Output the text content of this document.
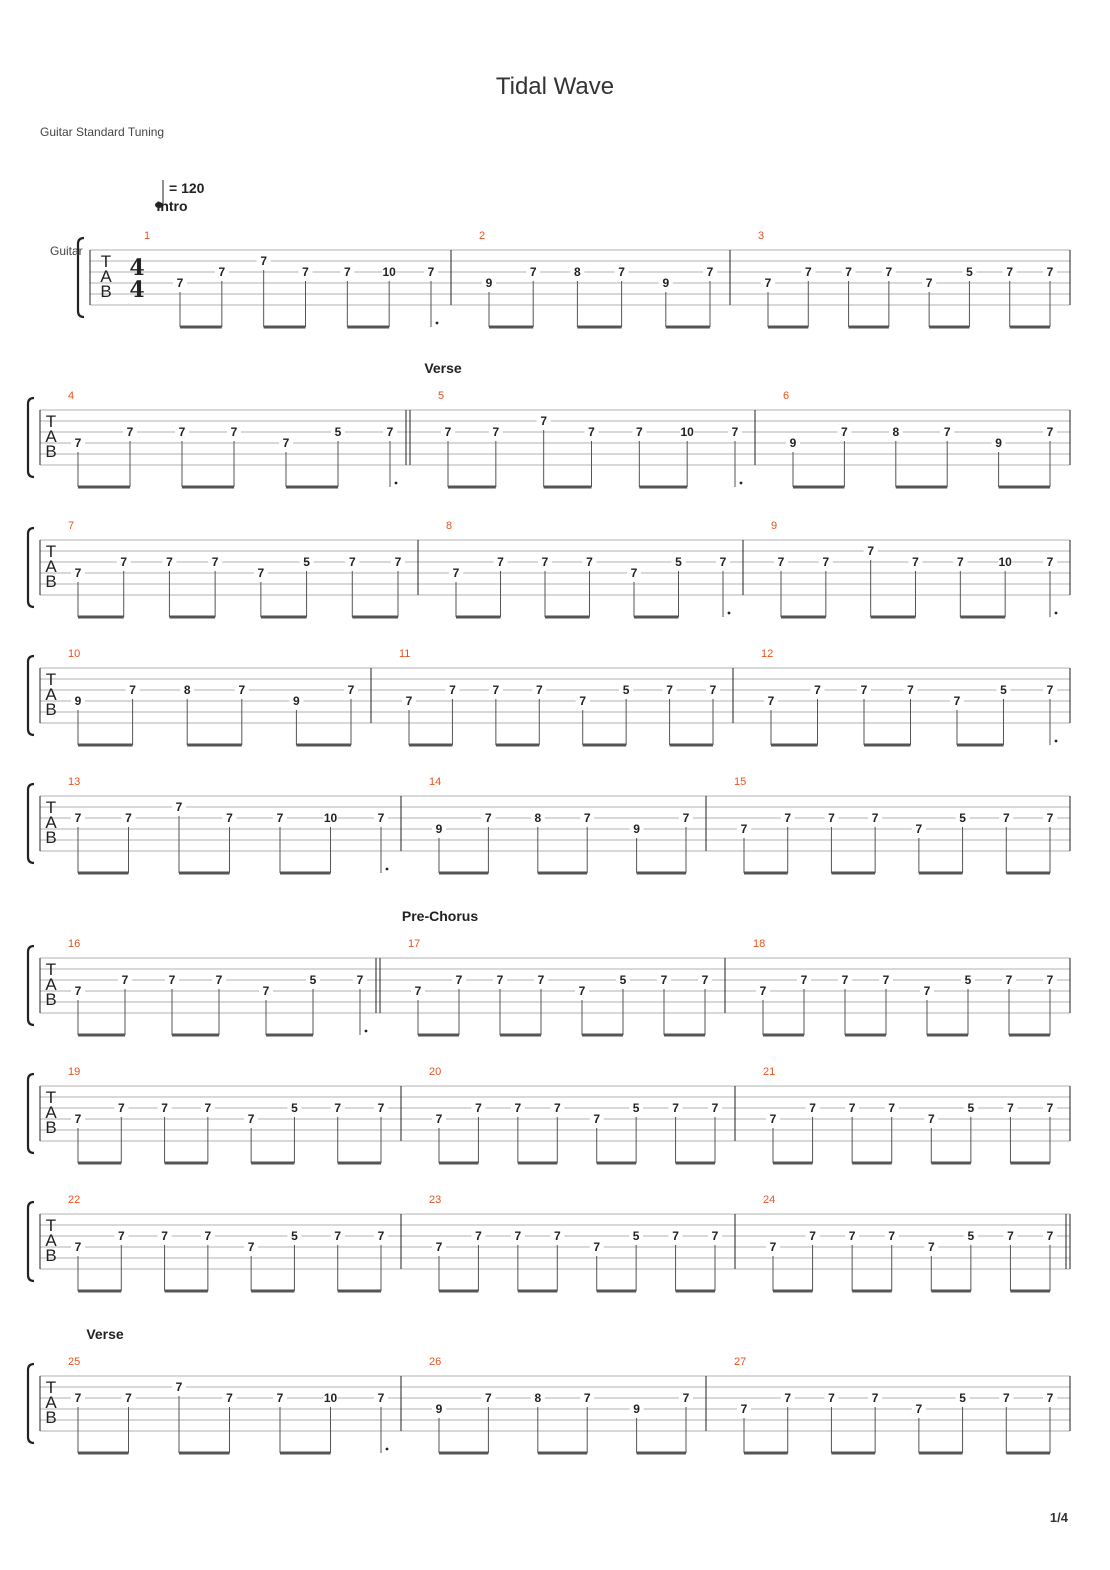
Tidal Wave
Guitar Standard Tuning
T
A
B
Guitar
4
4
= 120
Intro
1
7
7
7
7	7	10	7
2
9
7	8	7
9
7
3
7
7	7	7
7
5	7	7
T
A
B
Verse
4
7
7	7	7
7
5	7
5
7	7
7
7	7	10	7
6
9
7	8	7
9
7
T
A
B
7
7
7	7	7
7
5	7	7
8
7
7	7	7
7
5	7
9
7	7
7
7	7	10	7
T
A
B
10
9
7	8	7
9
7
11
7
7	7	7
7
5	7	7
12
7
7	7	7
7
5	7
T
A
B
13
7	7
7
7	7	10	7
14
9
7	8	7
9
7
15
7
7	7	7
7
5	7	7
T
A
B
Pre-Chorus
16
7
7	7	7
7
5	7
17
7
7	7	7
7
5	7	7
18
7
7	7	7
7
5	7	7
T
A
B
19
7
7	7	7
7
5	7	7
20
7
7	7	7
7
5	7	7
21
7
7	7	7
7
5	7	7
T
A
B
22
7
7	7	7
7
5	7	7
23
7
7	7	7
7
5	7	7
24
7
7	7	7
7
5	7	7
T
A
B
Verse
25
7	7
7
7	7	10	7
26
9
7	8	7
9
7
27
7
7	7	7
7
5	7	7
1/4
